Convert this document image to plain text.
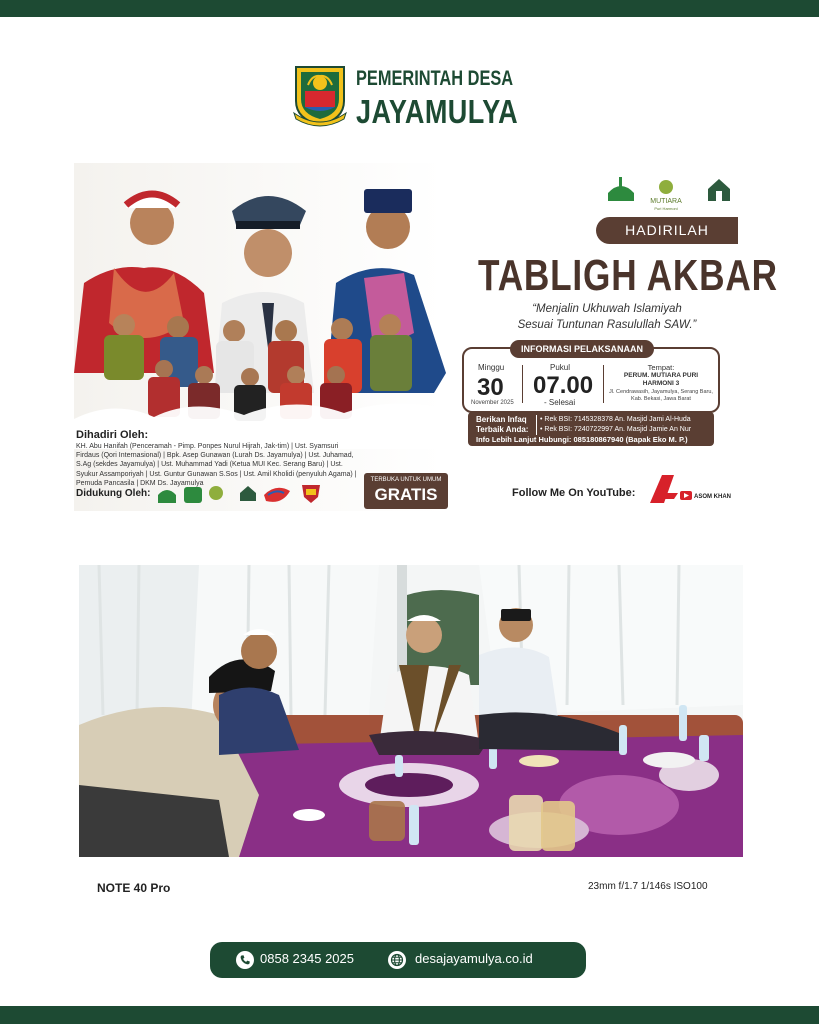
PEMERINTAH DESA
JAYAMULYA
MUTIARA
Puri Harmoni
HADIRILAH
TABLIGH AKBAR
“Menjalin Ukhuwah Islamiyah
Sesuai Tuntunan Rasulullah SAW.”
INFORMASI PELAKSANAAN
Minggu
30
November 2025
Pukul
07.00
- Selesai
Tempat:
PERUM. MUTIARA PURI HARMONI 3
Jl. Cendrawasih, Jayamulya, Serang Baru, Kab. Bekasi, Jawa Barat
Berikan Infaq
Terbaik Anda:
• Rek BSI: 7145328378 An. Masjid Jami Al-Huda
• Rek BSI: 7240722997 An. Masjid Jamie An Nur
Info Lebih Lanjut Hubungi: 085180867940 (Bapak Eko M. P.)
Dihadiri Oleh:
KH. Abu Hanifah (Penceramah - Pimp. Ponpes Nurul Hijrah, Jak-tim) | Ust. Syamsuri Firdaus (Qori Internasional) | Bpk. Asep Gunawan (Lurah Ds. Jayamulya) | Ust. Juhamad, S.Ag (sekdes Jayamulya) | Ust. Muhammad Yadi (Ketua MUI Kec. Serang Baru) | Ust. Syukur Assamporiyah | Ust. Guntur Gunawan S.Sos | Ust. Amil Kholidi (penyuluh Agama) | Pemuda Pancasila | DKM Ds. Jayamulya
Didukung Oleh:
TERBUKA UNTUK UMUM
GRATIS	Follow Me On YouTube:	ASOM KHAN
NOTE 40 Pro	23mm f/1.7 1/146s ISO100
0858 2345 2025	desajayamulya.co.id
